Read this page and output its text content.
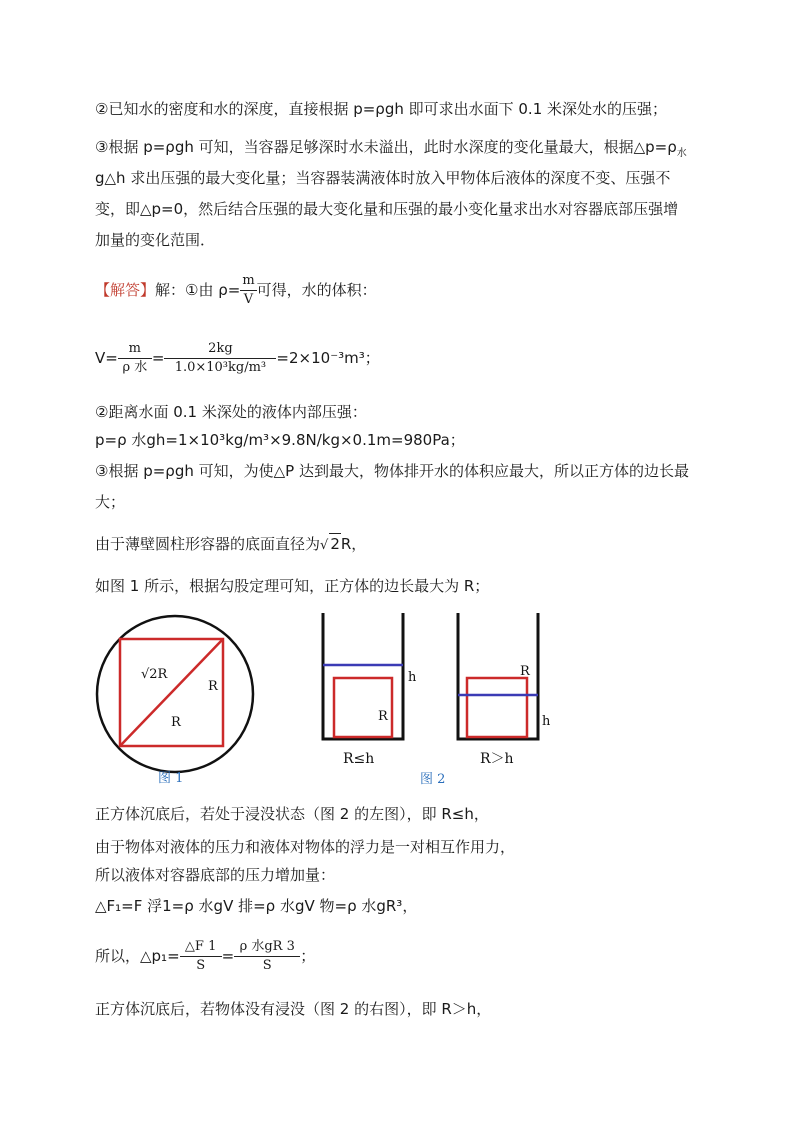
②已知水的密度和水的深度，直接根据 p=ρgh 即可求出水面下 0.1 米深处水的压强；
③根据 p=ρgh 可知，当容器足够深时水未溢出，此时水深度的变化量最大，根据$\triangle p=\rho_水$
g△h 求出压强的最大变化量；当容器装满液体时放入甲物体后液体的深度不变、压强不
变，即△p=0，然后结合压强的最大变化量和压强的最小变化量求出水对容器底部压强增
加量的变化范围．
【解答】解：①由 $\rho= \frac{m}{V}$ 可得，水的体积：
$V= \frac{m}{\text{ρ 水}} = \frac{2kg}{\text{1.0×10³kg/m³}} =2\times 10^{-3}m^3$；
②距离水面 0.1 米深处的液体内部压强：
p=ρ 水gh=1×10³kg/m³×9.8N/kg×0.1m=980Pa；
③根据 p=ρgh 可知，为使△P 达到最大，物体排开水的体积应最大，所以正方体的边长最
大；
由于薄壁圆柱形容器的底面直径为√ 2R，
如图 1 所示，根据勾股定理可知，正方体的边长最大为 R；
√2R
R
R
图 1
h
R
R≤h
R
h
R＞h
图 2
正方体沉底后，若处于浸没状态（图 2 的左图），即 R≤h，
由于物体对液体的压力和液体对物体的浮力是一对相互作用力，
所以液体对容器底部的压力增加量：
△F₁=F 浮1=ρ 水gV 排=ρ 水gV 物=ρ 水gR³，
所以，△p₁= $\frac{\triangle F 1}{S} = \frac{\text{ρ 水gR 3}}{S}$ ；
正方体沉底后，若物体没有浸没（图 2 的右图），即 R＞h，
